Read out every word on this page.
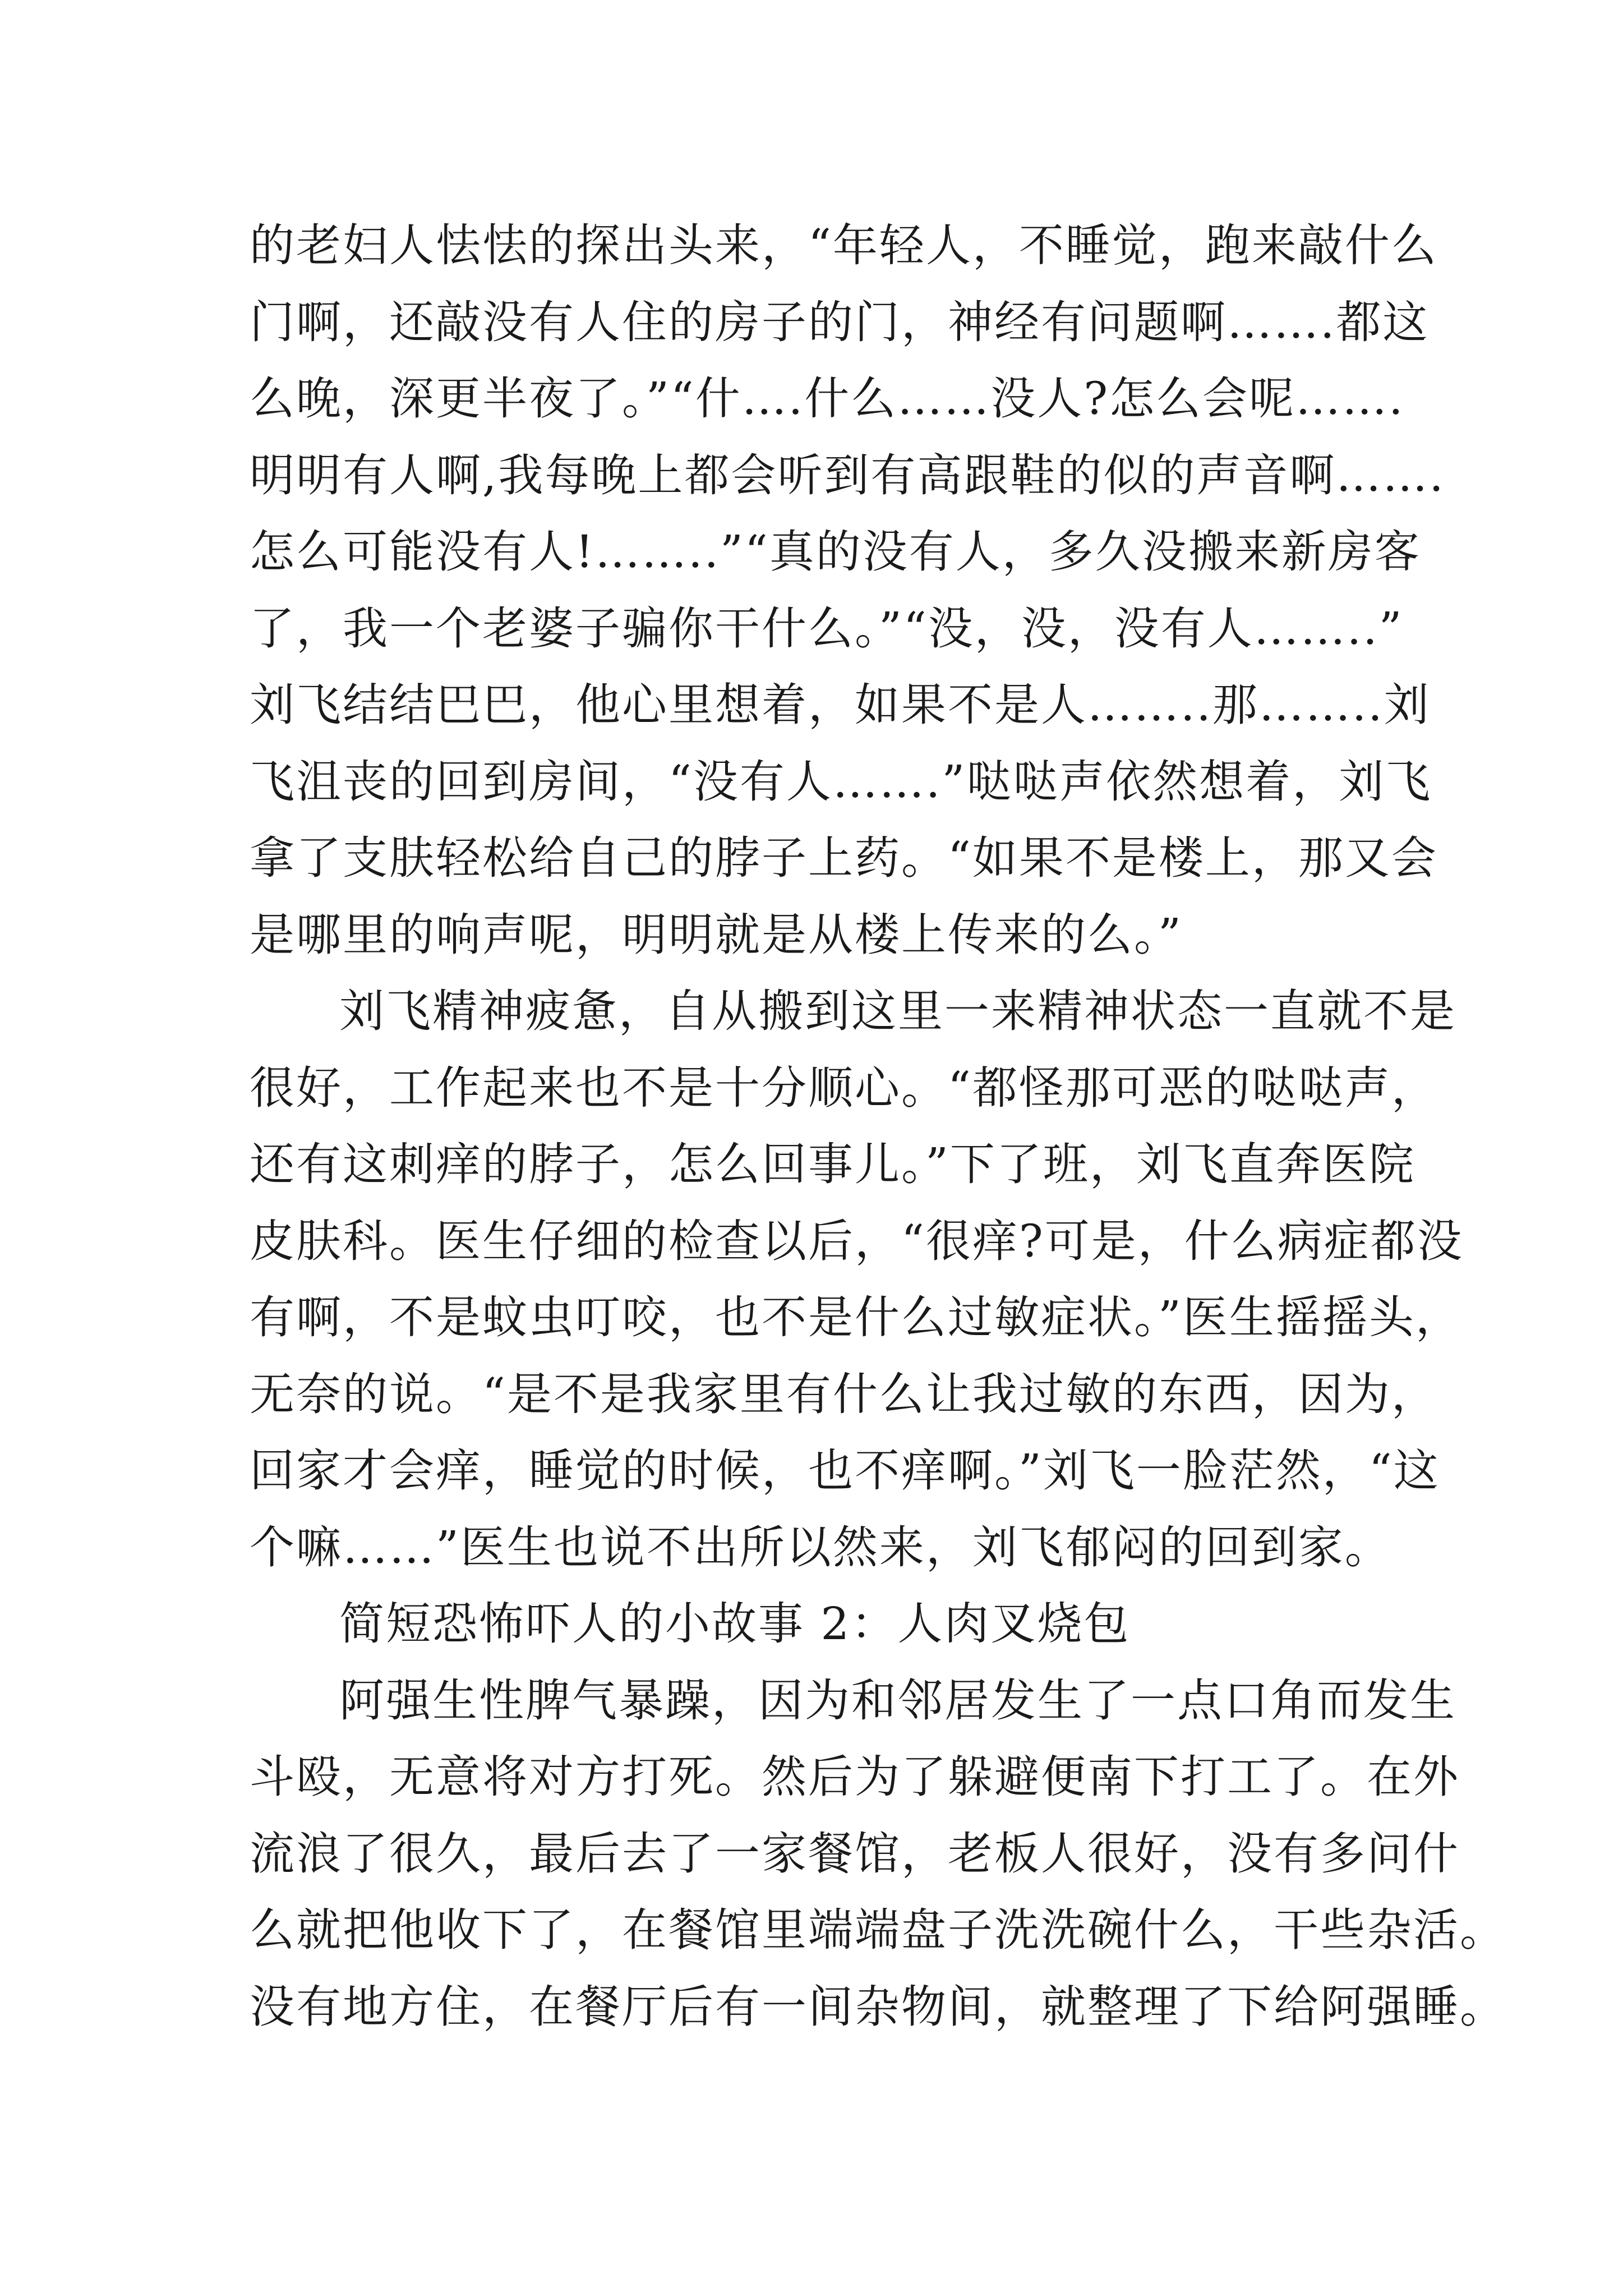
的老妇人怯怯的探出头来，“年轻人，不睡觉，跑来敲什么
门啊，还敲没有人住的房子的门，神经有问题啊…….都这
么晚，深更半夜了。”“什….什么……没人?怎么会呢…….
明明有人啊,我每晚上都会听到有高跟鞋的似的声音啊…….
怎么可能没有人!……..”“真的没有人，多久没搬来新房客
了，我一个老婆子骗你干什么。”“没，没，没有人……..”
刘飞结结巴巴，他心里想着，如果不是人……..那……..刘
飞沮丧的回到房间，“没有人…….”哒哒声依然想着，刘飞
拿了支肤轻松给自己的脖子上药。“如果不是楼上，那又会
是哪里的响声呢，明明就是从楼上传来的么。”
刘飞精神疲惫，自从搬到这里一来精神状态一直就不是
很好，工作起来也不是十分顺心。“都怪那可恶的哒哒声，
还有这刺痒的脖子，怎么回事儿。”下了班，刘飞直奔医院
皮肤科。医生仔细的检查以后，“很痒?可是，什么病症都没
有啊，不是蚊虫叮咬，也不是什么过敏症状。”医生摇摇头，
无奈的说。“是不是我家里有什么让我过敏的东西，因为，
回家才会痒，睡觉的时候，也不痒啊。”刘飞一脸茫然，“这
个嘛……”医生也说不出所以然来，刘飞郁闷的回到家。
简短恐怖吓人的小故事 2：人肉叉烧包
阿强生性脾气暴躁，因为和邻居发生了一点口角而发生
斗殴，无意将对方打死。然后为了躲避便南下打工了。在外
流浪了很久，最后去了一家餐馆，老板人很好，没有多问什
么就把他收下了，在餐馆里端端盘子洗洗碗什么，干些杂活。
没有地方住，在餐厅后有一间杂物间，就整理了下给阿强睡。
